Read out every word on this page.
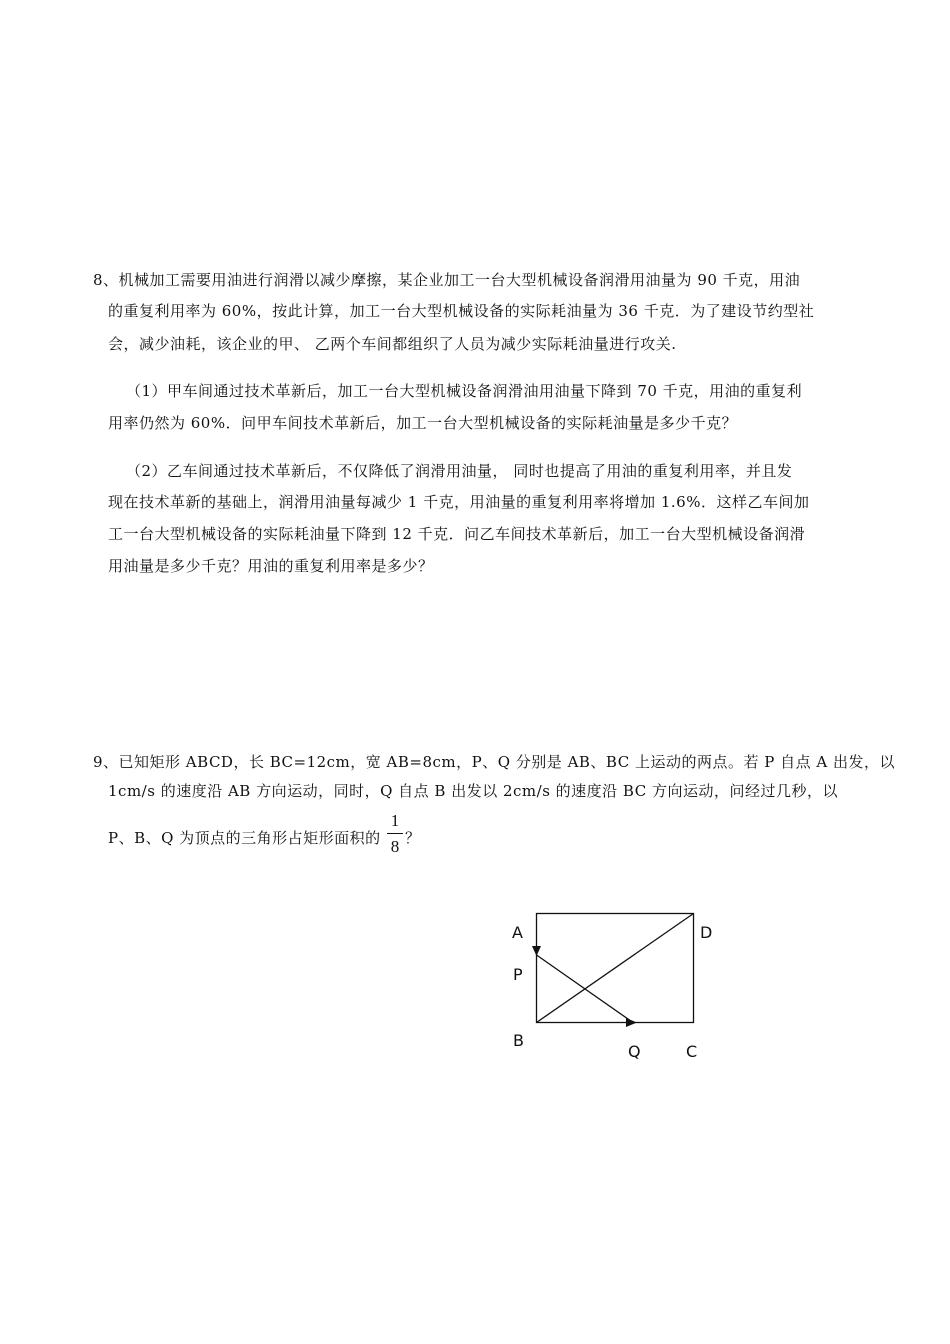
8、机械加工需要用油进行润滑以减少摩擦，某企业加工一台大型机械设备润滑用油量为 90 千克，用油
的重复利用率为 60%，按此计算，加工一台大型机械设备的实际耗油量为 36 千克．为了建设节约型社
会，减少油耗，该企业的甲、 乙两个车间都组织了人员为减少实际耗油量进行攻关.
（1）甲车间通过技术革新后，加工一台大型机械设备润滑油用油量下降到 70 千克，用油的重复利
用率仍然为 60%．问甲车间技术革新后，加工一台大型机械设备的实际耗油量是多少千克？
（2）乙车间通过技术革新后，不仅降低了润滑用油量， 同时也提高了用油的重复利用率，并且发
现在技术革新的基础上，润滑用油量每减少 1 千克，用油量的重复利用率将增加 1.6%．这样乙车间加
工一台大型机械设备的实际耗油量下降到 12 千克．问乙车间技术革新后，加工一台大型机械设备润滑
用油量是多少千克？用油的重复利用率是多少？
9、已知矩形 ABCD，长 BC=12cm，宽 AB=8cm，P、Q 分别是 AB、BC 上运动的两点。若 P 自点 A 出发，以
1cm/s 的速度沿 AB 方向运动，同时，Q 自点 B 出发以 2cm/s 的速度沿 BC 方向运动，问经过几秒，以
P、B、Q 为顶点的三角形占矩形面积的
1
8 ？
A	D
P
B
Q	C
